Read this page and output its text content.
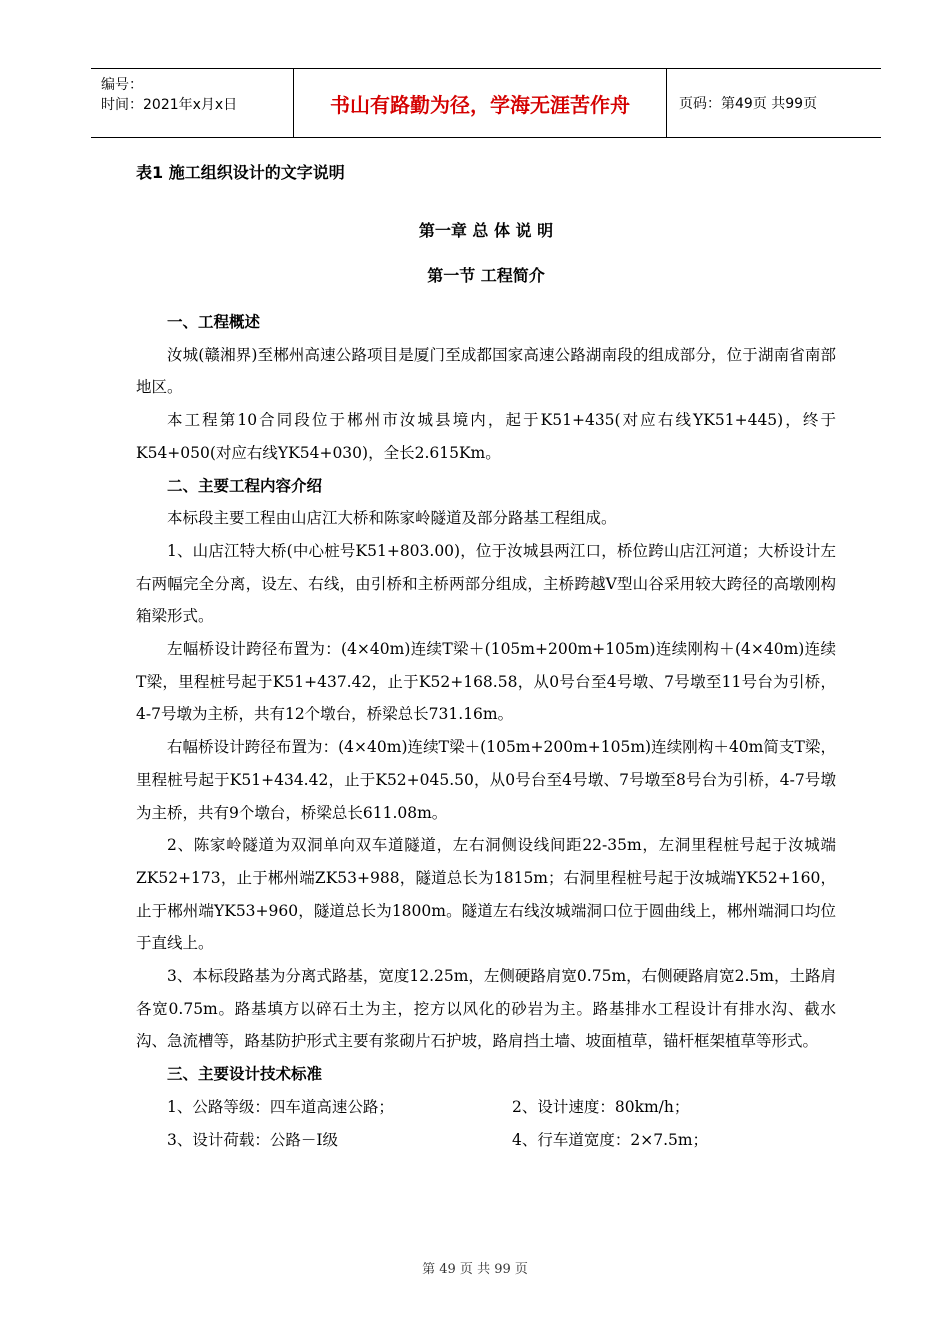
编号：
时间：2021年x月x日	书山有路勤为径，学海无涯苦作舟	页码：第49页 共99页
表1 施工组织设计的文字说明
第一章 总 体 说 明
第一节 工程简介

一、工程概述

汝城(赣湘界)至郴州高速公路项目是厦门至成都国家高速公路湖南段的组成部分，位于湖南省南部地区。

本工程第10合同段位于郴州市汝城县境内，起于K51+435(对应右线YK51+445)，终于K54+050(对应右线YK54+030)，全长2.615Km。

二、主要工程内容介绍

本标段主要工程由山店江大桥和陈家岭隧道及部分路基工程组成。

1、山店江特大桥(中心桩号K51+803.00)，位于汝城县两江口，桥位跨山店江河道；大桥设计左右两幅完全分离，设左、右线，由引桥和主桥两部分组成，主桥跨越V型山谷采用较大跨径的高墩刚构箱梁形式。

左幅桥设计跨径布置为：(4×40m)连续T梁＋(105m+200m+105m)连续刚构＋(4×40m)连续T梁，里程桩号起于K51+437.42，止于K52+168.58，从0号台至4号墩、7号墩至11号台为引桥，4-7号墩为主桥，共有12个墩台，桥梁总长731.16m。

右幅桥设计跨径布置为：(4×40m)连续T梁＋(105m+200m+105m)连续刚构＋40m简支T梁，里程桩号起于K51+434.42，止于K52+045.50，从0号台至4号墩、7号墩至8号台为引桥，4-7号墩为主桥，共有9个墩台，桥梁总长611.08m。

2、陈家岭隧道为双洞单向双车道隧道，左右洞侧设线间距22-35m，左洞里程桩号起于汝城端ZK52+173，止于郴州端ZK53+988，隧道总长为1815m；右洞里程桩号起于汝城端YK52+160，止于郴州端YK53+960，隧道总长为1800m。隧道左右线汝城端洞口位于圆曲线上，郴州端洞口均位于直线上。

3、本标段路基为分离式路基，宽度12.25m，左侧硬路肩宽0.75m，右侧硬路肩宽2.5m，土路肩各宽0.75m。路基填方以碎石土为主，挖方以风化的砂岩为主。路基排水工程设计有排水沟、截水沟、急流槽等，路基防护形式主要有浆砌片石护坡，路肩挡土墙、坡面植草，锚杆框架植草等形式。

三、主要设计技术标准

1、公路等级：四车道高速公路；	2、设计速度：80km/h；

3、设计荷载：公路－Ⅰ级	4、行车道宽度：2×7.5m；

第 49 页 共 99 页
